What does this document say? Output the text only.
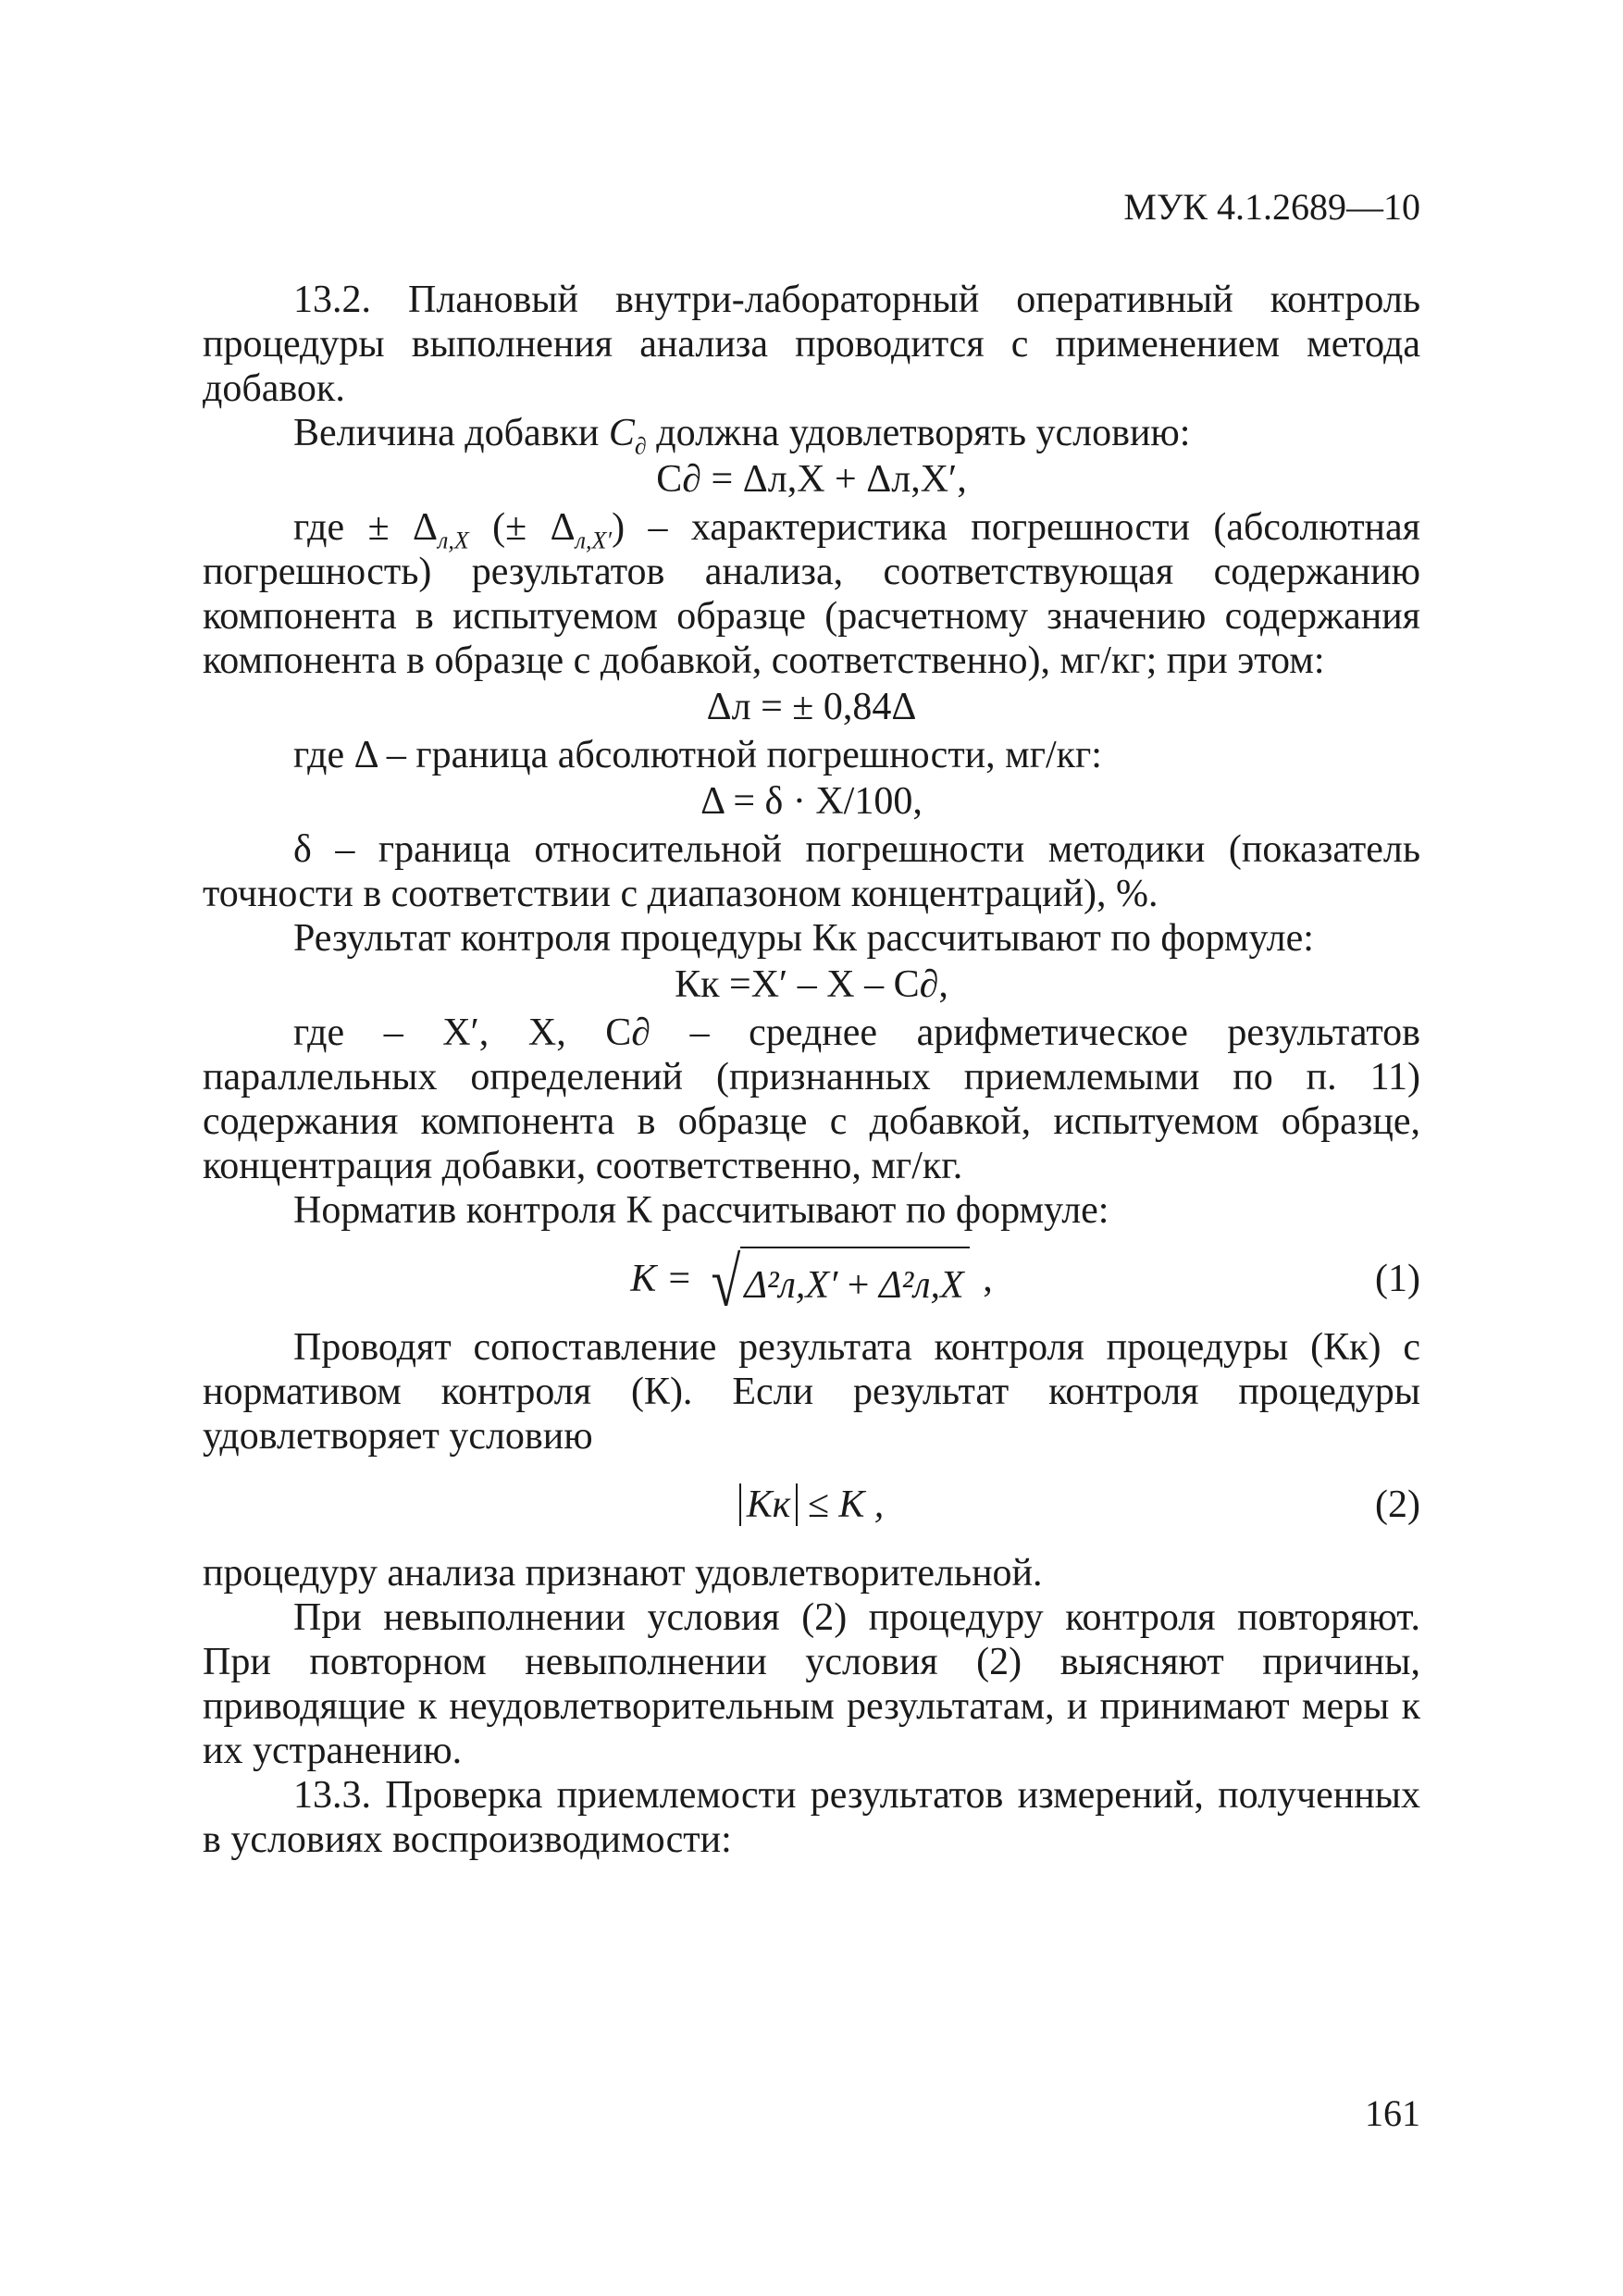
МУК 4.1.2689—10

13.2. Плановый внутри-лабораторный оперативный контроль процедуры выполнения анализа проводится с применением метода добавок.

Величина добавки $С_\partial$ должна удовлетворять условию:

С∂ = Δл,X + Δл,X′,

где ± $\Delta_{л,X}$ (± $\Delta_{л,X'}$) – характеристика погрешности (абсолютная погрешность) результатов анализа, соответствующая содержанию компонента в испытуемом образце (расчетному значению содержания компонента в образце с добавкой, соответственно), мг/кг; при этом:

Δл = ± 0,84Δ

где Δ – граница абсолютной погрешности, мг/кг:

Δ = δ · X/100,

δ – граница относительной погрешности методики (показатель точности в соответствии с диапазоном концентраций), %.

Результат контроля процедуры Кк рассчитывают по формуле:

Кк =X′ – X – С∂,

где – X′, X, С∂ – среднее арифметическое результатов параллельных определений (признанных приемлемыми по п. 11) содержания компонента в образце с добавкой, испытуемом образце, концентрация добавки, соответственно, мг/кг.

Норматив контроля К рассчитывают по формуле:

К = √Δ²л,X′ + Δ²л,X ,	(1)

Проводят сопоставление результата контроля процедуры (Кк) с нормативом контроля (К). Если результат контроля процедуры удовлетворяет условию

Кк ≤ К ,	(2)

процедуру анализа признают удовлетворительной.

При невыполнении условия (2) процедуру контроля повторяют. При повторном невыполнении условия (2) выясняют причины, приводящие к неудовлетворительным результатам, и принимают меры к их устранению.

13.3. Проверка приемлемости результатов измерений, полученных в условиях воспроизводимости:

161
